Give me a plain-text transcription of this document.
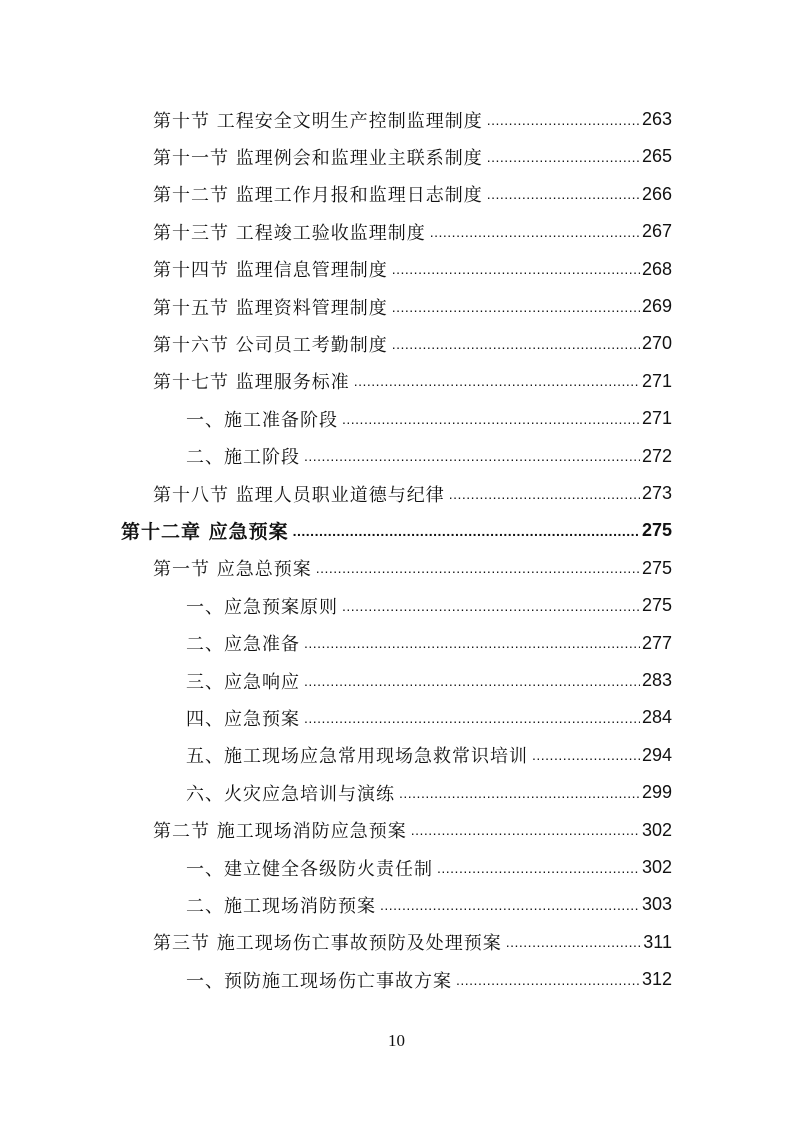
第十节 工程安全文明生产控制监理制度 .....	263
第十一节 监理例会和监理业主联系制度 .....	265
第十二节 监理工作月报和监理日志制度 .....	266
第十三节 工程竣工验收监理制度 .....	267
第十四节 监理信息管理制度 .....	268
第十五节 监理资料管理制度 .....	269
第十六节 公司员工考勤制度 .....	270
第十七节 监理服务标准 .....	271
一、施工准备阶段 .....	271
二、施工阶段 .....	272
第十八节 监理人员职业道德与纪律 .....	273
第十二章 应急预案 .....	275
第一节 应急总预案 .....	275
一、应急预案原则 .....	275
二、应急准备 .....	277
三、应急响应 .....	283
四、应急预案 .....	284
五、施工现场应急常用现场急救常识培训 .....	294
六、火灾应急培训与演练 .....	299
第二节 施工现场消防应急预案 .....	302
一、建立健全各级防火责任制 .....	302
二、施工现场消防预案 .....	303
第三节 施工现场伤亡事故预防及处理预案 .....	311
一、预防施工现场伤亡事故方案 .....	312
10
